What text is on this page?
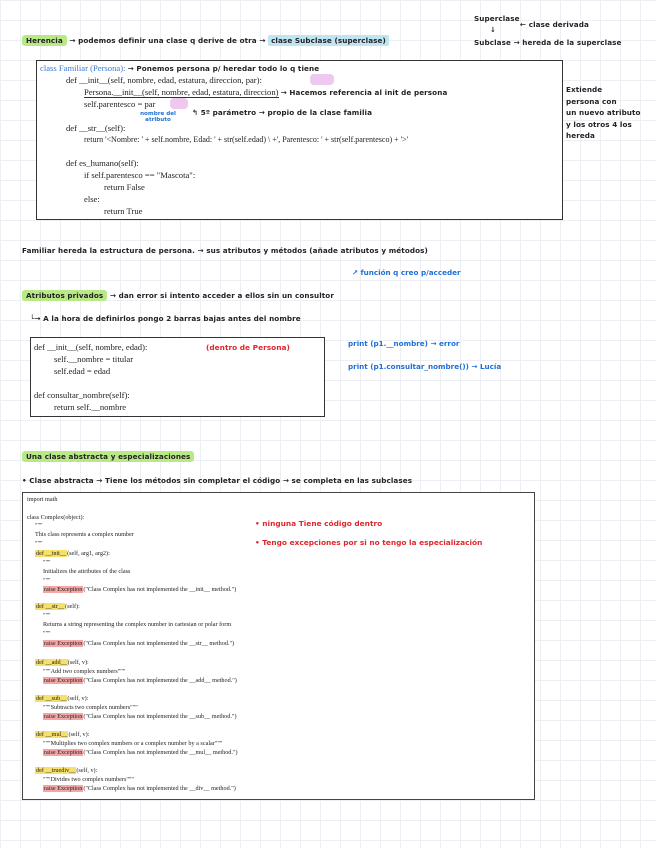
Superclase
← clase derivada
↓
Subclase → hereda de la superclase
Herencia → podemos definir una clase q derive de otra → clase Subclase (superclase)
class Familiar (Persona): → Ponemos persona p/ heredar todo lo q tiene
def __init__(self, nombre, edad, estatura, direccion, par):
Persona.__init__(self, nombre, edad, estatura, direccion) → Hacemos referencia al init de persona
self.parentesco = par
↰ 5º parámetro → propio de la clase familia
nombre del atributo
def __str__(self):
return '<Nombre: ' + self.nombre, Edad: ' + str(self.edad) \ +', Parentesco: ' + str(self.parentesco) + '>'
def es_humano(self):
if self.parentesco == "Mascota":
return False
else:
return True
Extiende
persona con
un nuevo atributo
y los otros 4 los
hereda
Familiar hereda la estructura de persona. → sus atributos y métodos (añade atributos y métodos)
↗ función q creo p/acceder
Atributos privados → dan error si intento acceder a ellos sin un consultor
└→ A la hora de definirlos pongo 2 barras bajas antes del nombre
def __init__(self, nombre, edad):	(dentro de Persona)
self.__nombre = titular
self.edad = edad
def consultar_nombre(self):
return self.__nombre
print (p1.__nombre) → error
print (p1.consultar_nombre()) → Lucía
Una clase abstracta y especializaciones
• Clase abstracta → Tiene los métodos sin completar el código → se completa en las subclases
import math
class Complex(object):
"""
This class represents a complex number
"""
• ninguna Tiene código dentro
• Tengo excepciones por si no tengo la especialización
def __init__(self, arg1, arg2):
"""
Initializes the attributes of the class
"""
raise Exception("Class Complex has not implemented the __init__ method.")
def __str__(self):
"""
Returns a string representing the complex number in cartesian or polar form
"""
raise Exception("Class Complex has not implemented the __str__ method.")
def __add__(self, v):
"""Add two complex numbers"""
raise Exception("Class Complex has not implemented the __add__ method.")
def __sub__(self, v):
"""Subtracts two complex numbers"""
raise Exception("Class Complex has not implemented the __sub__ method.")
def __mul__(self, v):
"""Multiplies two complex numbers or a complex number by a scalar"""
raise Exception("Class Complex has not implemented the __mul__ method.")
def __truediv__(self, v):
"""Divides two complex numbers"""
raise Exception("Class Complex has not implemented the __div__ method.")
